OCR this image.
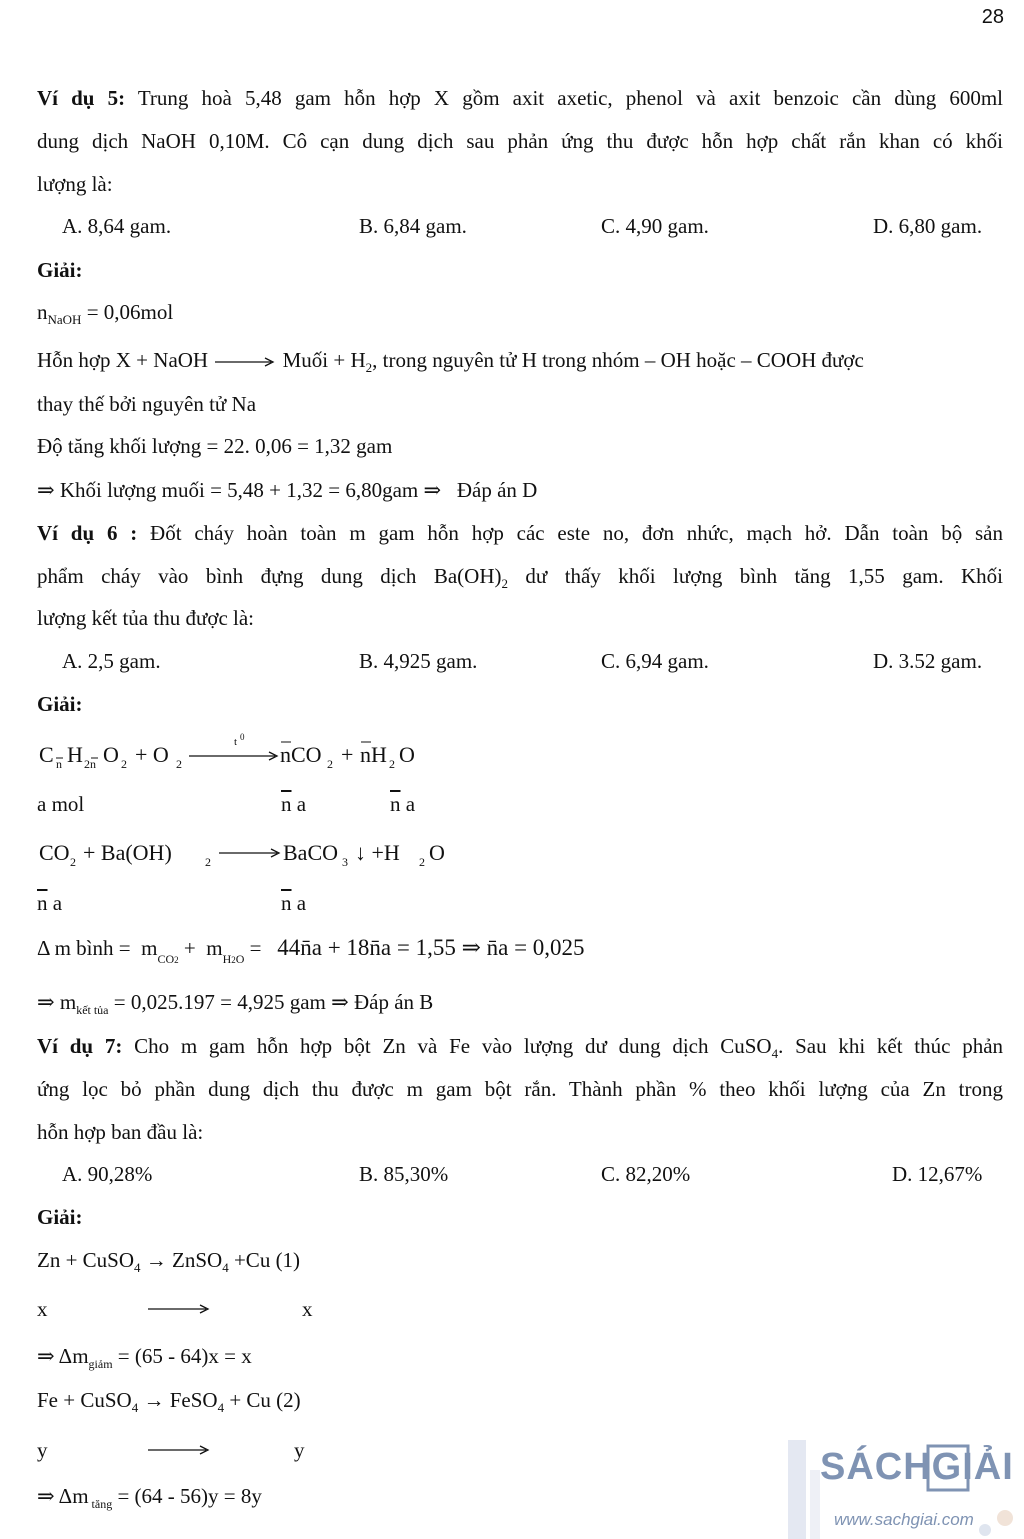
28
Ví dụ 5: Trung hoà 5,48 gam hỗn hợp X gồm axit axetic, phenol và axit benzoic cần dùng 600ml
dung dịch NaOH 0,10M. Cô cạn dung dịch sau phản ứng thu được hỗn hợp chất rắn khan có khối
lượng là:
A. 8,64 gam.	B. 6,84 gam.	C. 4,90 gam.	D. 6,80 gam.
Giải:
$n_{NaOH} = 0,06mol$
Hỗn hợp X + NaOH → Muối + $H_2$, trong nguyên tử H trong nhóm – OH hoặc – COOH được
thay thế bởi nguyên tử Na
Độ tăng khối lượng = 22. 0,06 = 1,32 gam
⇒ Khối lượng muối = 5,48 + 1,32 = 6,80gam ⇒ Đáp án D
Ví dụ 6 : Đốt cháy hoàn toàn m gam hỗn hợp các este no, đơn nhức, mạch hở. Dẫn toàn bộ sản
phẩm cháy vào bình đựng dung dịch $Ba(OH)_2$ dư thấy khối lượng bình tăng 1,55 gam. Khối
lượng kết tủa thu được là:
A. 2,5 gam.	B. 4,925 gam.	C. 6,94 gam.	D. 3.52 gam.
Giải:
C n H 2n O 2 + O 2
t 0
nCO 2 + nH 2 O
a mol	$\overline{n}$ a	$\overline{n}$ a
CO 2 + Ba(OH)	2	BaCO 3 ↓ +H 2 O
$\overline{n}$ a	$\overline{n}$ a
Δ m bình =  $m_{CO2} + m_{H2O}$ =   44n̄a + 18n̄a = 1,55 ⇒ n̄a = 0,025
⇒ $m_{kết tủa} = 0,025.197 = 4,925$ gam ⇒ Đáp án B
Ví dụ 7: Cho m gam hỗn hợp bột Zn và Fe vào lượng dư dung dịch CuSO$_4$. Sau khi kết thúc phản
ứng lọc bỏ phần dung dịch thu được m gam bột rắn. Thành phần % theo khối lượng của Zn trong
hỗn hợp ban đầu là:
A. 90,28%	B. 85,30%	C. 82,20%	D. 12,67%
Giải:
Zn + CuSO$_4$ → ZnSO$_4$ +Cu (1)
x	x
⇒ $\Delta m_{giảm} = (65 - 64)x = x$
Fe + CuSO$_4$ → FeSO$_4$ + Cu (2)
y	y
⇒ Δm $_{tăng}$ = (64 - 56)y = 8y
SÁCHGIẢI
www.sachgiai.com
